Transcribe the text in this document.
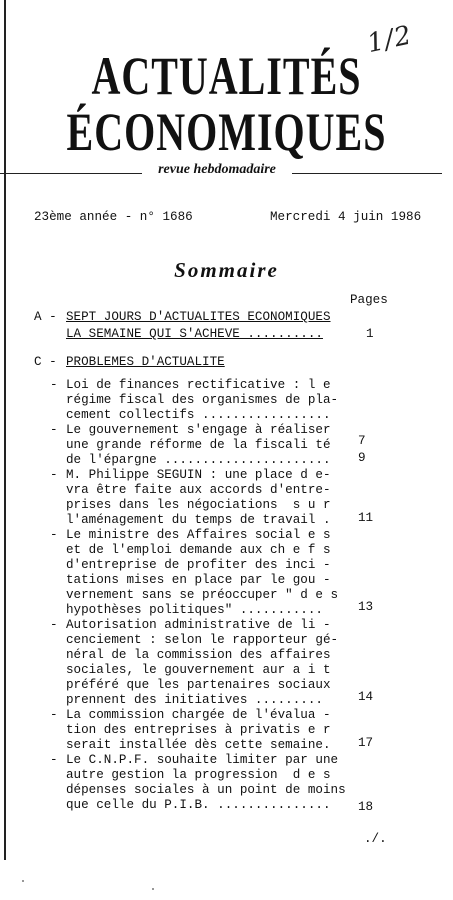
1/2
ACTUALITÉS
ÉCONOMIQUES
revue hebdomadaire
23ème année - n° 1686	Mercredi 4 juin 1986
Sommaire
Pages
A - SEPT JOURS D'ACTUALITES ECONOMIQUES
LA SEMAINE QUI S'ACHEVE ..........	1
C - PROBLEMES D'ACTUALITE
- Loi de finances rectificative : l e
régime fiscal des organismes de pla-
cement collectifs .................
7
- Le gouvernement s'engage à réaliser
une grande réforme de la fiscali té
de l'épargne ...................... 9
- M. Philippe SEGUIN : une place d e-
vra être faite aux accords d'entre-
prises dans les négociations  s u r
l'aménagement du temps de travail . 11
- Le ministre des Affaires social e s
et de l'emploi demande aux ch e f s
d'entreprise de profiter des inci -
tations mises en place par le gou -
vernement sans se préoccuper " d e s
hypothèses politiques" ...........	13
- Autorisation administrative de li -
cenciement : selon le rapporteur gé-
néral de la commission des affaires
sociales, le gouvernement aur a i t
préféré que les partenaires sociaux
prennent des initiatives .........	14
- La commission chargée de l'évalua -
tion des entreprises à privatis e r
serait installée dès cette semaine. 17
- Le C.N.P.F. souhaite limiter par une
autre gestion la progression  d e s
dépenses sociales à un point de moins
que celle du P.I.B. ............... 18
./.
